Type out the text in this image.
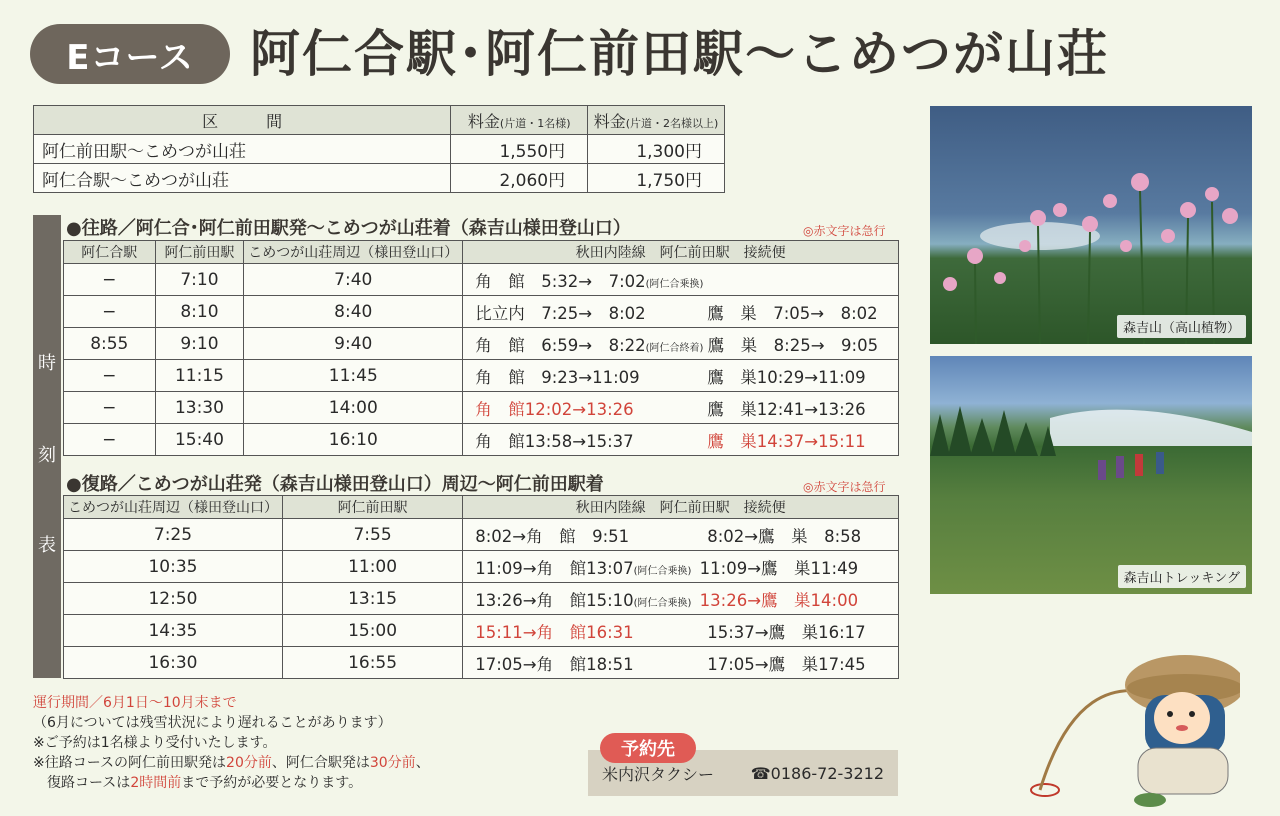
Eコース	阿仁合駅･阿仁前田駅〜こめつが山荘
区　　　間	料金(片道・1名様)	料金(片道・2名様以上)
阿仁前田駅〜こめつが山荘	1,550円	1,300円
阿仁合駅〜こめつが山荘	2,060円	1,750円
時
刻
表
●往路／阿仁合･阿仁前田駅発〜こめつが山荘着（森吉山様田登山口）	◎赤文字は急行
阿仁合駅	阿仁前田駅	こめつが山荘周辺（様田登山口）	秋田内陸線　阿仁前田駅　接続便
−	7:10	7:40	角　館　5:32→　7:02(阿仁合乗換)
−	8:10	8:40	比立内　7:25→　8:02 鷹　巣　7:05→　8:02
8:55	9:10	9:40	角　館　6:59→　8:22(阿仁合終着) 鷹　巣　8:25→　9:05
−	11:15	11:45	角　館　9:23→11:09 鷹　巣10:29→11:09
−	13:30	14:00	角　館12:02→13:26 鷹　巣12:41→13:26
−	15:40	16:10	角　館13:58→15:37 鷹　巣14:37→15:11
●復路／こめつが山荘発（森吉山様田登山口）周辺〜阿仁前田駅着	◎赤文字は急行
こめつが山荘周辺（様田登山口）	阿仁前田駅	秋田内陸線　阿仁前田駅　接続便
7:25	7:55	8:02→角　館　9:51 8:02→鷹　巣　8:58
10:35	11:00	11:09→角　館13:07(阿仁合乗換) 11:09→鷹　巣11:49
12:50	13:15	13:26→角　館15:10(阿仁合乗換) 13:26→鷹　巣14:00
14:35	15:00	15:11→角　館16:31 15:37→鷹　巣16:17
16:30	16:55	17:05→角　館18:51 17:05→鷹　巣17:45
森吉山（高山植物）
森吉山トレッキング
運行期間／6月1日〜10月末まで
（6月については残雪状況により遅れることがあります）
※ご予約は1名様より受付いたします。
※往路コースの阿仁前田駅発は20分前、阿仁合駅発は30分前、
　復路コースは2時間前まで予約が必要となります。	米内沢タクシー ☎0186-72-3212
予約先
